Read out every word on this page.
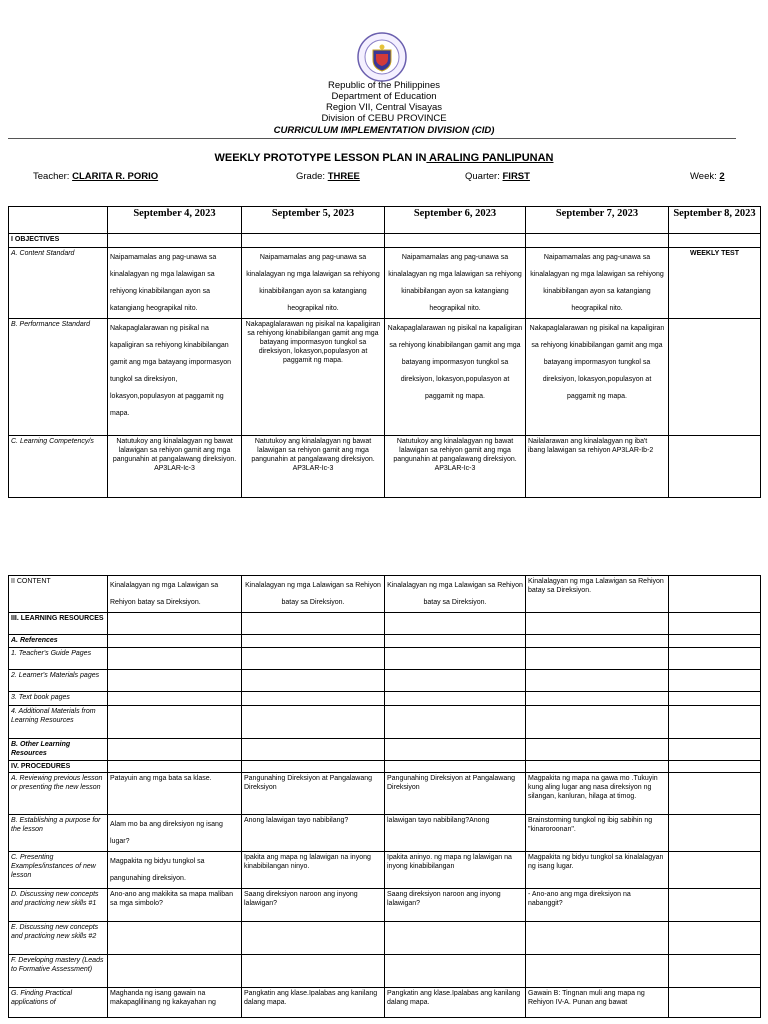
Republic of the Philippines
Department of Education
Region VII, Central Visayas
Division of CEBU PROVINCE
CURRICULUM IMPLEMENTATION DIVISION (CID)
WEEKLY PROTOTYPE LESSON PLAN IN ARALING PANLIPUNAN
Teacher: CLARITA R. PORIO	Grade: THREE	Quarter: FIRST	Week: 2
	September 4, 2023	September 5, 2023	September 6, 2023	September 7, 2023	September 8, 2023
I OBJECTIVES					
A. Content Standard	Naipamamalas ang pag-unawa sa kinalalagyan ng mga lalawigan sa rehiyong kinabibilangan ayon sa katangiang heograpikal nito.	Naipamamalas ang pag-unawa sa kinalalagyan ng mga lalawigan sa rehiyong kinabibilangan ayon sa katangiang heograpikal nito.	Naipamamalas ang pag-unawa sa kinalalagyan ng mga lalawigan sa rehiyong kinabibilangan ayon sa katangiang heograpikal nito.	Naipamamalas ang pag-unawa sa kinalalagyan ng mga lalawigan sa rehiyong kinabibilangan ayon sa katangiang heograpikal nito.	WEEKLY TEST
B. Performance Standard	Nakapaglalarawan ng pisikal na kapaligiran sa rehiyong kinabibilangan gamit ang mga batayang impormasyon tungkol sa direksiyon, lokasyon,populasyon at paggamit ng mapa.	Nakapaglalarawan ng pisikal na kapaligiran sa rehiyong kinabibilangan gamit ang mga batayang impormasyon tungkol sa direksiyon, lokasyon,populasyon at paggamit ng mapa.	Nakapaglalarawan ng pisikal na kapaligiran sa rehiyong kinabibilangan gamit ang mga batayang impormasyon tungkol sa direksiyon, lokasyon,populasyon at paggamit ng mapa.	Nakapaglalarawan ng pisikal na kapaligiran sa rehiyong kinabibilangan gamit ang mga batayang impormasyon tungkol sa direksiyon, lokasyon,populasyon at paggamit ng mapa.	
C. Learning Competency/s	Natutukoy ang kinalalagyan ng bawat lalawigan sa rehiyon gamit ang mga pangunahin at pangalawang direksiyon. AP3LAR-Ic-3	Natutukoy ang kinalalagyan ng bawat lalawigan sa rehiyon gamit ang mga pangunahin at pangalawang direksiyon. AP3LAR-Ic-3	Natutukoy ang kinalalagyan ng bawat lalawigan sa rehiyon gamit ang mga pangunahin at pangalawang direksiyon. AP3LAR-Ic-3	Nailalarawan ang kinalalagyan ng iba't ibang lalawigan sa rehiyon AP3LAR-Ib-2	
II CONTENT	Kinalalagyan ng mga Lalawigan sa Rehiyon batay sa Direksiyon.	Kinalalagyan ng mga Lalawigan sa Rehiyon batay sa Direksiyon.	Kinalalagyan ng mga Lalawigan sa Rehiyon batay sa Direksiyon.	Kinalalagyan ng mga Lalawigan sa Rehiyon batay sa Direksiyon.	
III. LEARNING RESOURCES					
A. References					
1. Teacher's Guide Pages					
2. Learner's Materials pages					
3. Text book pages					
4. Additional Materials from Learning Resources					
B. Other Learning Resources					
IV. PROCEDURES					
A. Reviewing previous lesson or presenting the new lesson	Patayuin ang mga bata sa klase.	Pangunahing Direksiyon at Pangalawang Direksiyon	Pangunahing Direksiyon at Pangalawang Direksiyon	Magpakita ng mapa na gawa mo .Tukuyin kung aling lugar ang nasa direksiyon ng silangan, kanluran, hilaga at timog.	
B. Establishing a purpose for the lesson	Alam mo ba ang direksiyon ng isang lugar?	Anong lalawigan tayo nabibilang?	lalawigan tayo nabibilang?Anong	Brainstorming tungkol ng ibig sabihin ng "kinaroroonan".	
C. Presenting Examples/instances of new lesson	Magpakita ng bidyu tungkol sa pangunahing direksiyon.	Ipakita ang mapa ng lalawigan na inyong kinabibilangan ninyo.	Ipakita aninyo. ng mapa ng lalawigan na inyong kinabibilangan	Magpakita ng bidyu tungkol sa kinalalagyan ng isang lugar.	
D. Discussing new concepts and practicing new skills #1	Ano-ano ang makikita sa mapa maliban sa mga simbolo?	Saang direksiyon naroon ang inyong lalawigan?	Saang direksiyon naroon ang inyong lalawigan?	- Ano-ano ang mga direksiyon na nabanggit?	
E. Discussing new concepts and practicing new skills #2					
F. Developing mastery (Leads to Formative Assessment)					
G. Finding Practical applications of	Maghanda ng isang gawain na makapaglilinang ng kakayahan ng	Pangkatin ang klase.Ipalabas ang kanilang dalang mapa.	Pangkatin ang klase.Ipalabas ang kanilang dalang mapa.	Gawain B: Tingnan muli ang mapa ng Rehiyon IV-A. Punan ang bawat	
